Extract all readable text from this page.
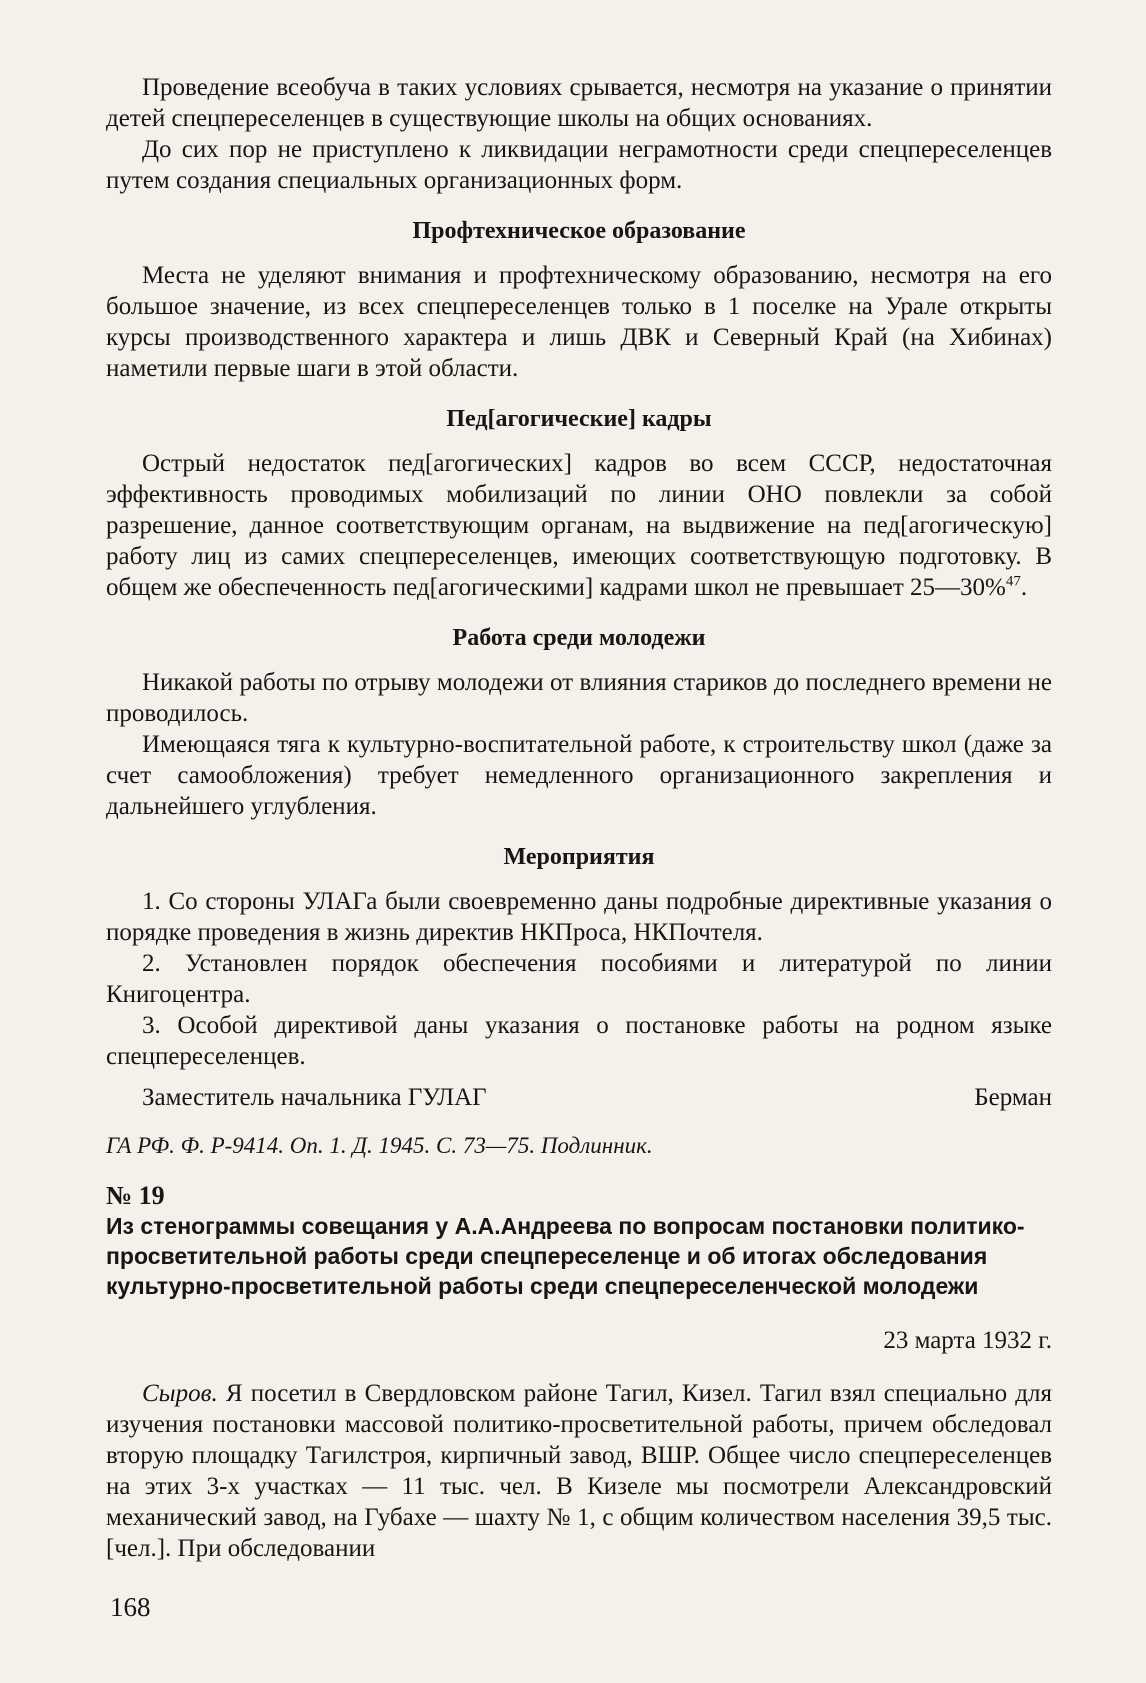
Проведение всеобуча в таких условиях срывается, несмотря на указание о принятии детей спецпереселенцев в существующие школы на общих основаниях.

До сих пор не приступлено к ликвидации неграмотности среди спецпереселенцев путем создания специальных организационных форм.

Профтехническое образование

Места не уделяют внимания и профтехническому образованию, несмотря на его большое значение, из всех спецпереселенцев только в 1 поселке на Урале открыты курсы производственного характера и лишь ДВК и Северный Край (на Хибинах) наметили первые шаги в этой области.

Пед[агогические] кадры

Острый недостаток пед[агогических] кадров во всем СССР, недостаточная эффективность проводимых мобилизаций по линии ОНО повлекли за собой разрешение, данное соответствующим органам, на выдвижение на пед[агогическую] работу лиц из самих спецпереселенцев, имеющих соответствующую подготовку. В общем же обеспеченность пед[агогическими] кадрами школ не превышает 25—30%$^{47}$.

Работа среди молодежи

Никакой работы по отрыву молодежи от влияния стариков до последнего времени не проводилось.

Имеющаяся тяга к культурно-воспитательной работе, к строительству школ (даже за счет самообложения) требует немедленного организационного закрепления и дальнейшего углубления.

Мероприятия

1. Со стороны УЛАГа были своевременно даны подробные директивные указания о порядке проведения в жизнь директив НКПроса, НКПочтеля.

2. Установлен порядок обеспечения пособиями и литературой по линии Книгоцентра.

3. Особой директивой даны указания о постановке работы на родном языке спецпереселенцев.

Заместитель начальника ГУЛАГ	Берман
ГА РФ. Ф. Р-9414. Оп. 1. Д. 1945. С. 73—75. Подлинник.
№ 19
Из стенограммы совещания у А.А.Андреева по вопросам постановки политико-просветительной работы среди спецпереселенце и об итогах обследования культурно-просветительной работы среди спецпереселенческой молодежи
23 марта 1932 г.

Сыров. Я посетил в Свердловском районе Тагил, Кизел. Тагил взял специально для изучения постановки массовой политико-просветительной работы, причем обследовал вторую площадку Тагилстроя, кирпичный завод, ВШР. Общее число спецпереселенцев на этих 3-х участках — 11 тыс. чел. В Кизеле мы посмотрели Александровский механический завод, на Губахе — шахту № 1, с общим количеством населения 39,5 тыс. [чел.]. При обследовании

168
